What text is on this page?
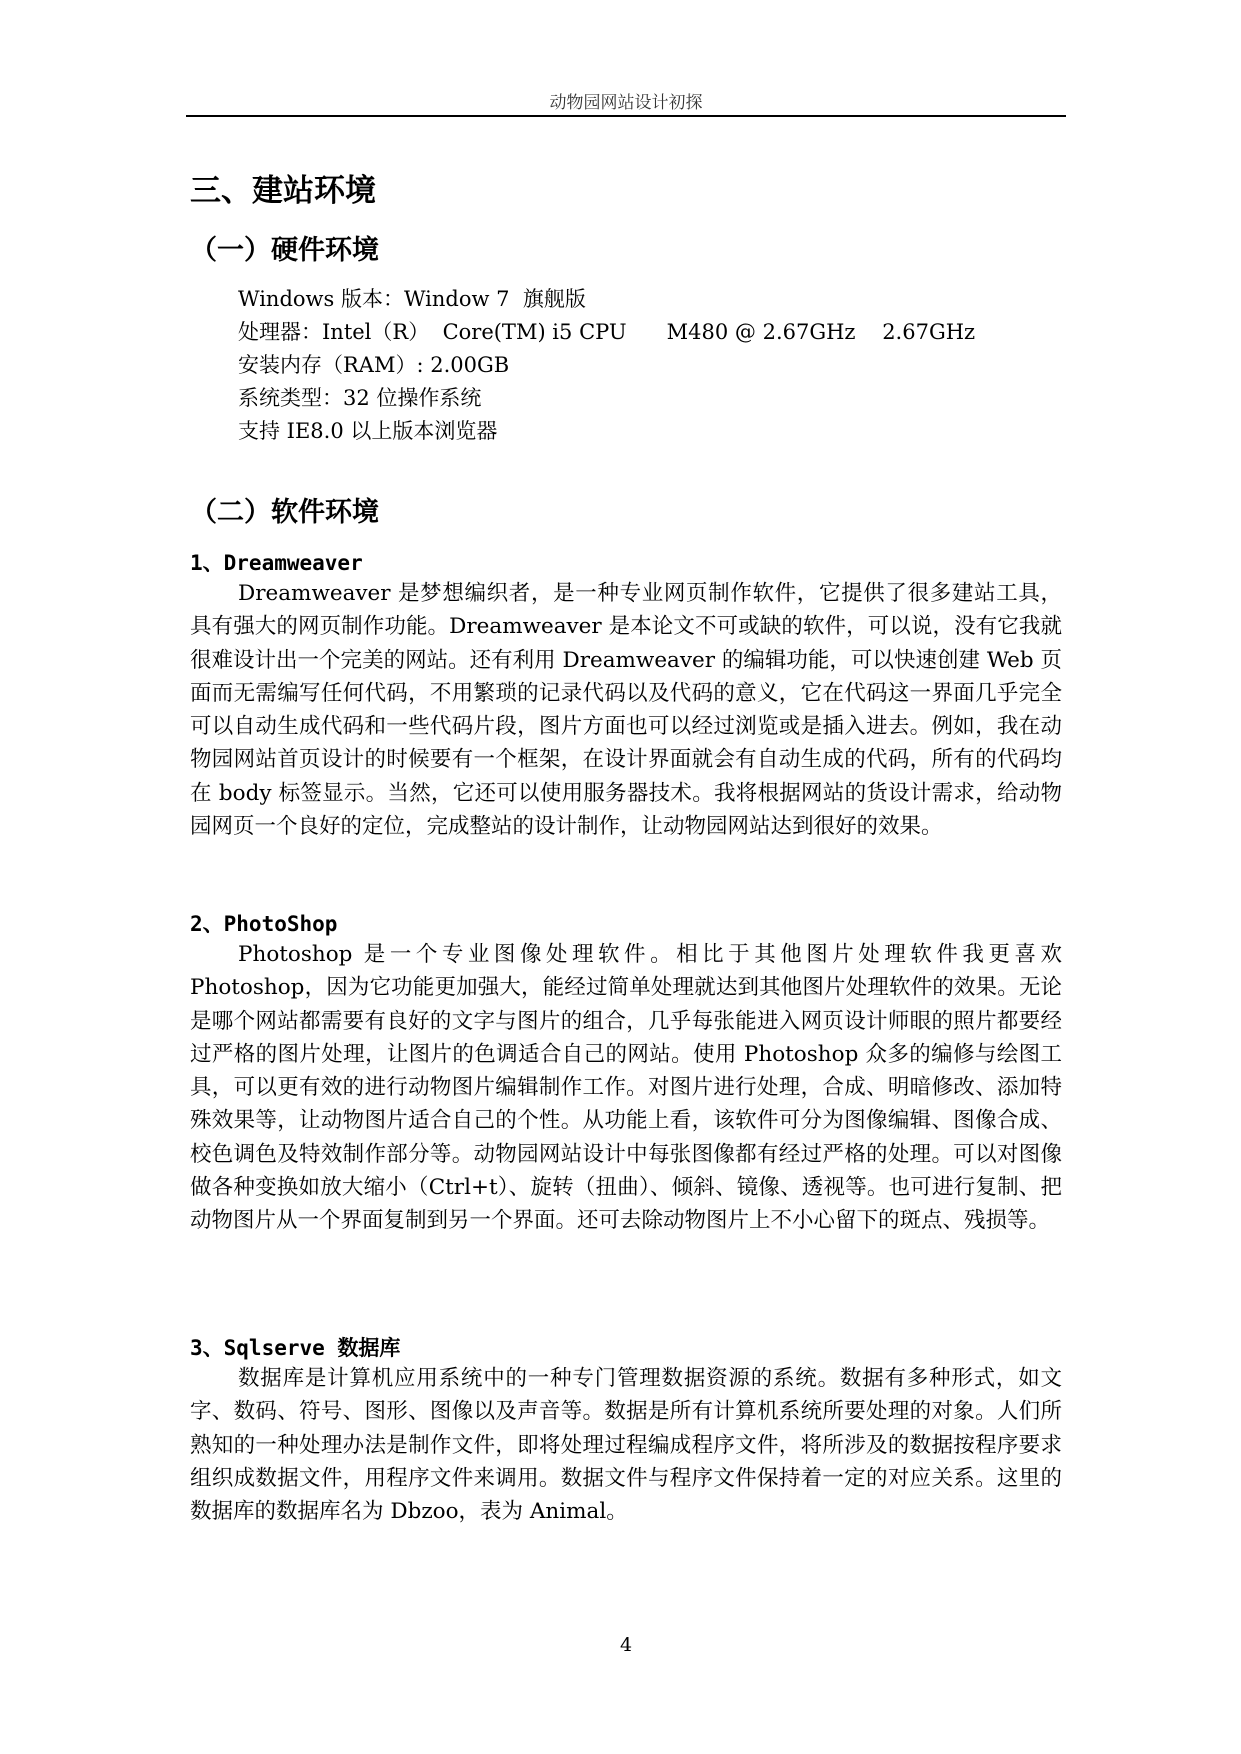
动物园网站设计初探
三、建站环境
（一）硬件环境
Windows 版本：Window 7  旗舰版
处理器：Intel（R）  Core(TM) i5 CPU      M480 @ 2.67GHz    2.67GHz
安装内存（RAM）: 2.00GB
系统类型：32 位操作系统
支持 IE8.0 以上版本浏览器
（二）软件环境
1、Dreamweaver

Dreamweaver 是梦想编织者，是一种专业网页制作软件，它提供了很多建站工具，具有强大的网页制作功能。Dreamweaver 是本论文不可或缺的软件，可以说，没有它我就很难设计出一个完美的网站。还有利用 Dreamweaver 的编辑功能，可以快速创建 Web 页面而无需编写任何代码，不用繁琐的记录代码以及代码的意义，它在代码这一界面几乎完全可以自动生成代码和一些代码片段，图片方面也可以经过浏览或是插入进去。例如，我在动物园网站首页设计的时候要有一个框架，在设计界面就会有自动生成的代码，所有的代码均在 body 标签显示。当然，它还可以使用服务器技术。我将根据网站的货设计需求，给动物园网页一个良好的定位，完成整站的设计制作，让动物园网站达到很好的效果。

2、PhotoShop

Photoshop 是一个专业图像处理软件。相比于其他图片处理软件我更喜欢 Photoshop，因为它功能更加强大，能经过简单处理就达到其他图片处理软件的效果。无论是哪个网站都需要有良好的文字与图片的组合，几乎每张能进入网页设计师眼的照片都要经过严格的图片处理，让图片的色调适合自己的网站。使用 Photoshop 众多的编修与绘图工具，可以更有效的进行动物图片编辑制作工作。对图片进行处理，合成、明暗修改、添加特殊效果等，让动物图片适合自己的个性。从功能上看，该软件可分为图像编辑、图像合成、校色调色及特效制作部分等。动物园网站设计中每张图像都有经过严格的处理。可以对图像做各种变换如放大缩小（Ctrl+t）、旋转（扭曲）、倾斜、镜像、透视等。也可进行复制、把动物图片从一个界面复制到另一个界面。还可去除动物图片上不小心留下的斑点、残损等。

3、Sqlserve 数据库

数据库是计算机应用系统中的一种专门管理数据资源的系统。数据有多种形式，如文字、数码、符号、图形、图像以及声音等。数据是所有计算机系统所要处理的对象。人们所熟知的一种处理办法是制作文件，即将处理过程编成程序文件，将所涉及的数据按程序要求组织成数据文件，用程序文件来调用。数据文件与程序文件保持着一定的对应关系。这里的数据库的数据库名为 Dbzoo，表为 Animal。

4
